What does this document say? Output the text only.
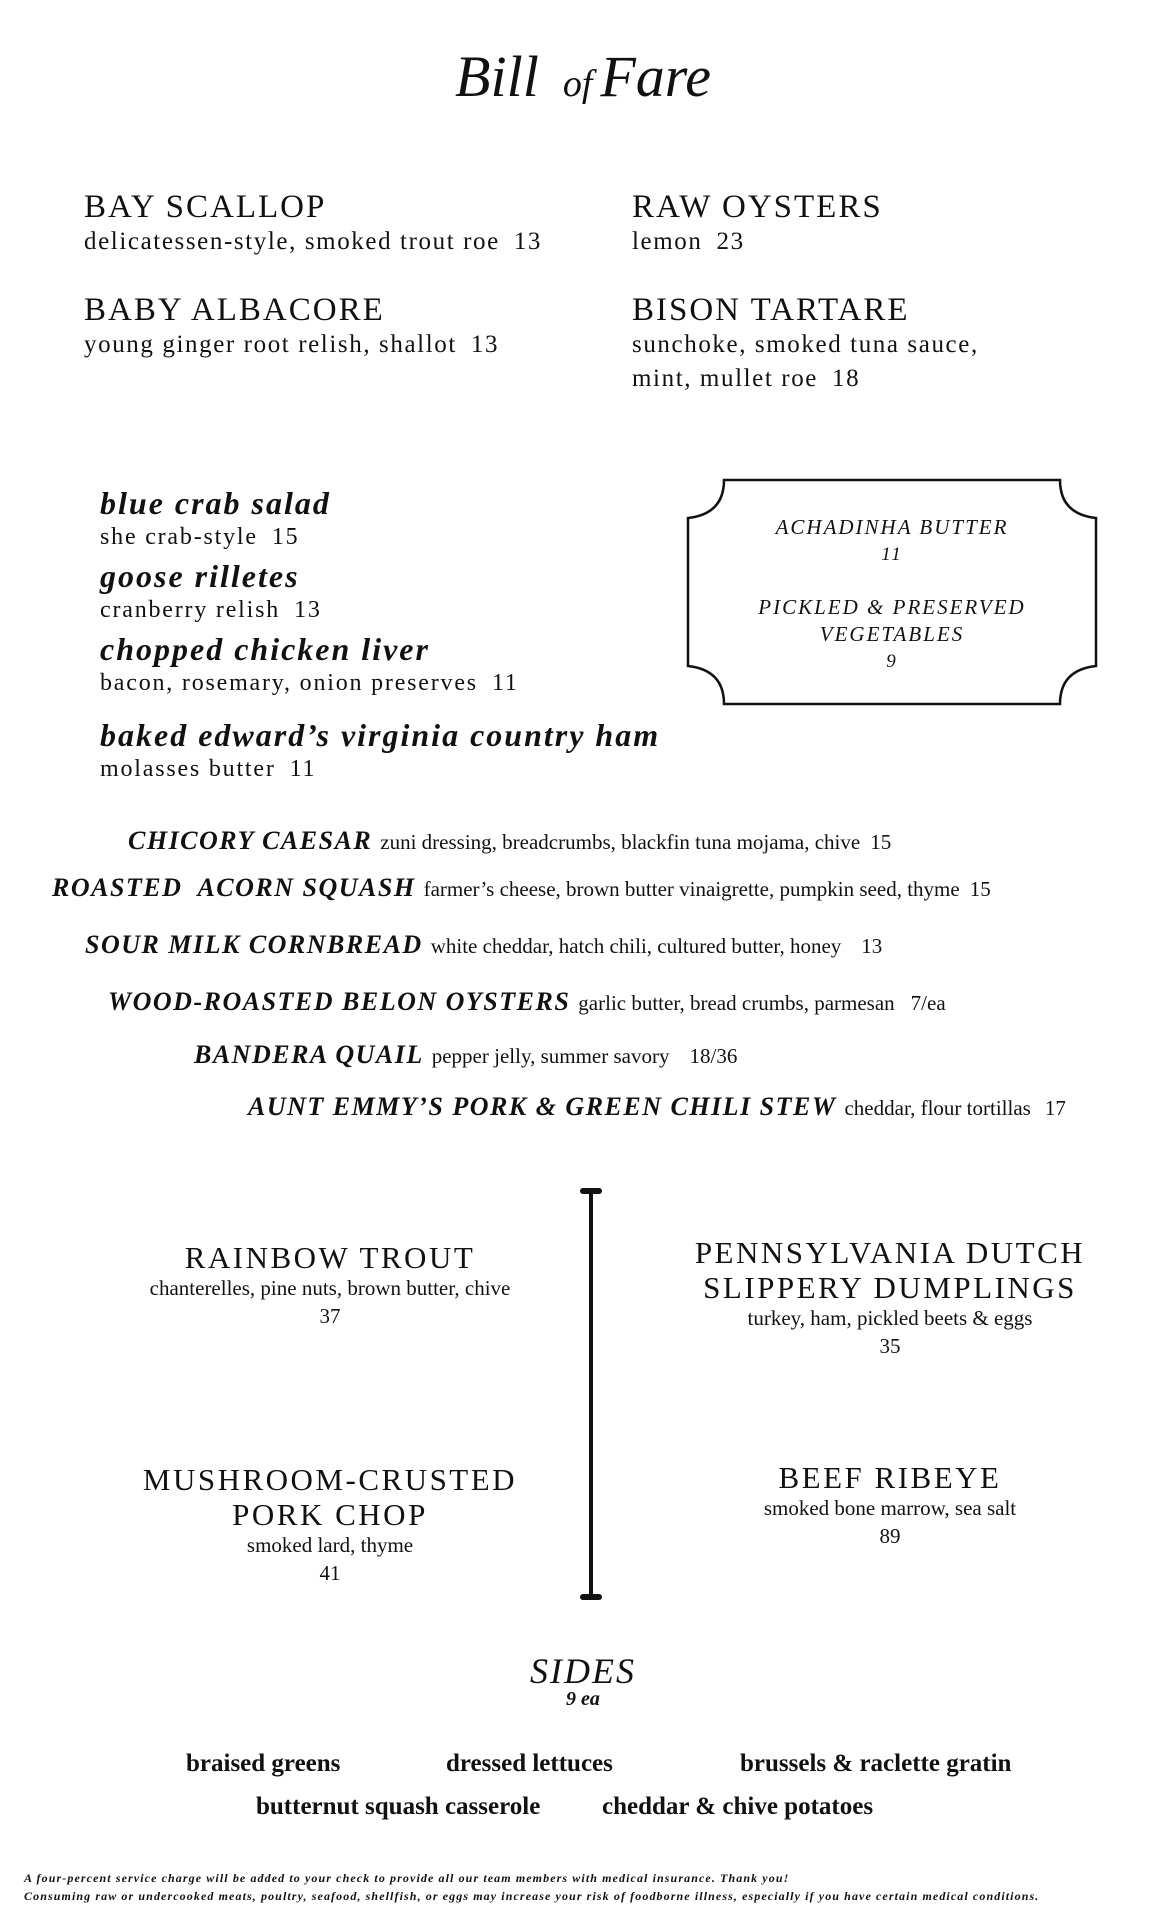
Bill of Fare
BAY SCALLOP
delicatessen-style, smoked trout roe 13
RAW OYSTERS
lemon 23
BABY ALBACORE
young ginger root relish, shallot 13
BISON TARTARE
sunchoke, smoked tuna sauce,
mint, mullet roe 18
blue crab salad
she crab-style 15
goose rilletes
cranberry relish 13
chopped chicken liver
bacon, rosemary, onion preserves 11
baked edward’s virginia country ham
molasses butter 11
ACHADINHA BUTTER
11
PICKLED & PRESERVED
VEGETABLES
9
CHICORY CAESAR zuni dressing, breadcrumbs, blackfin tuna mojama, chive 15
ROASTED  ACORN SQUASH farmer’s cheese, brown butter vinaigrette, pumpkin seed, thyme 15
SOUR MILK CORNBREAD white cheddar, hatch chili, cultured butter, honey 13
WOOD-ROASTED BELON OYSTERS garlic butter, bread crumbs, parmesan 7/ea
BANDERA QUAIL pepper jelly, summer savory 18/36
AUNT EMMY’S PORK & GREEN CHILI STEW cheddar, flour tortillas 17
RAINBOW TROUT
chanterelles, pine nuts, brown butter, chive
37
PENNSYLVANIA DUTCH
SLIPPERY DUMPLINGS
turkey, ham, pickled beets & eggs
35
MUSHROOM-CRUSTED
PORK CHOP
smoked lard, thyme
41
BEEF RIBEYE
smoked bone marrow, sea salt
89
SIDES
9 ea
braised greens	dressed lettuces	brussels & raclette gratin
butternut squash casserole cheddar & chive potatoes
A four-percent service charge will be added to your check to provide all our team members with medical insurance. Thank you!
Consuming raw or undercooked meats, poultry, seafood, shellfish, or eggs may increase your risk of foodborne illness, especially if you have certain medical conditions.
